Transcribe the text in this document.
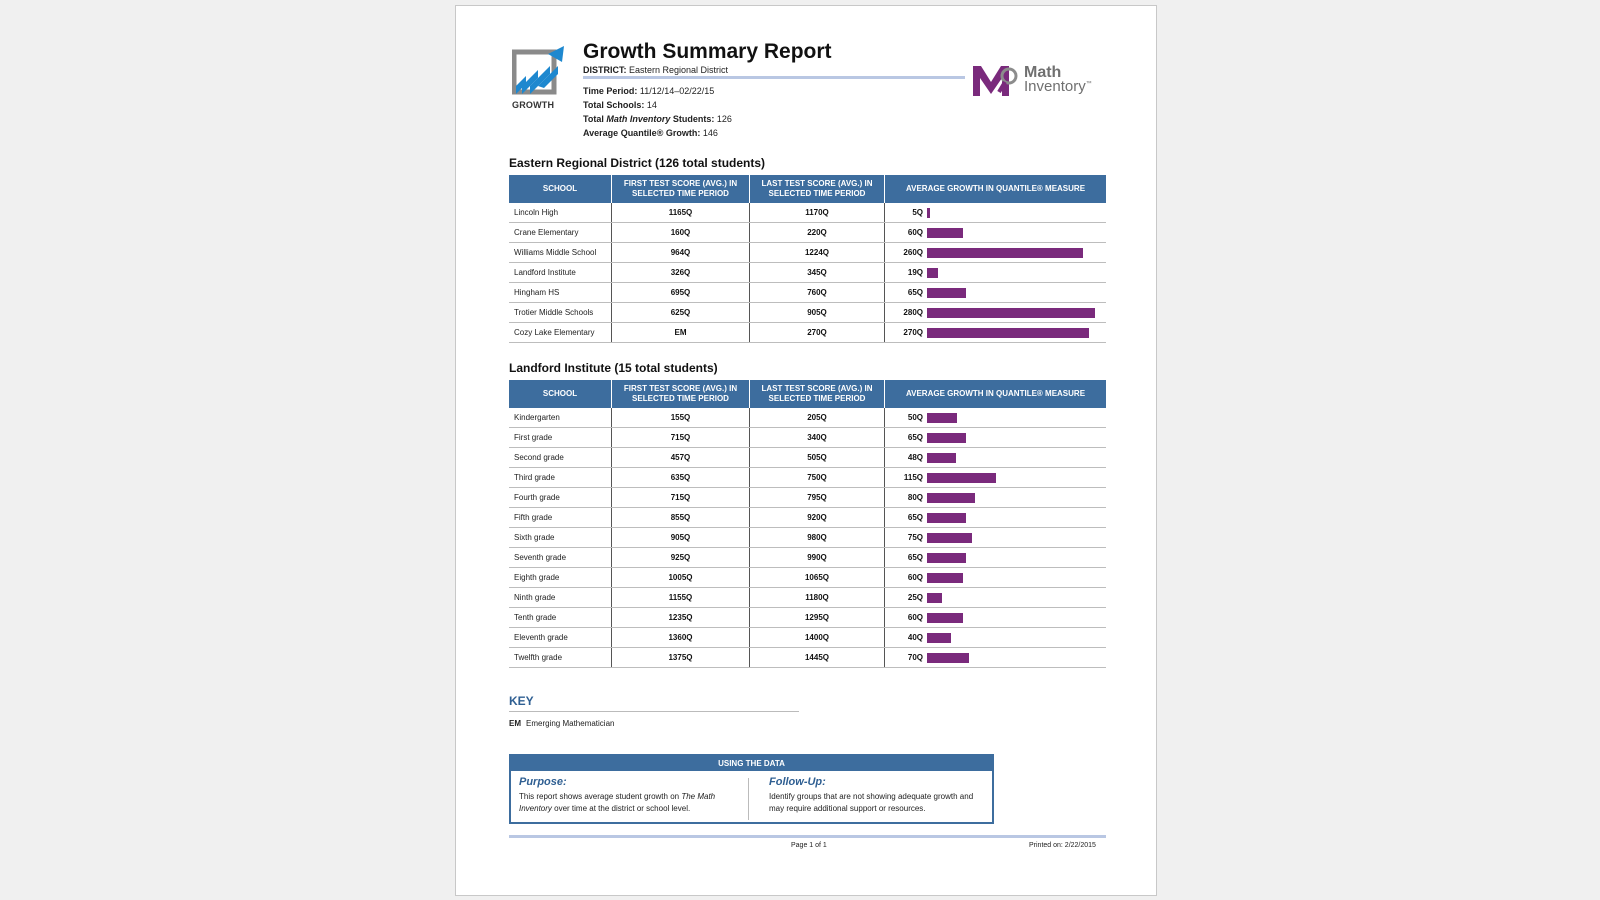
GROWTH
Growth Summary Report
DISTRICT: Eastern Regional District
Time Period: 11/12/14–02/22/15
Total Schools: 14
Total Math Inventory Students: 126
Average Quantile® Growth: 146
Math
Inventory™
Eastern Regional District (126 total students)
SCHOOL	FIRST TEST SCORE (AVG.) IN SELECTED TIME PERIOD	LAST TEST SCORE (AVG.) IN SELECTED TIME PERIOD	AVERAGE GROWTH IN QUANTILE® MEASURE
Lincoln High	1165Q	1170Q	5Q
Crane Elementary	160Q	220Q	60Q
Williams Middle School	964Q	1224Q	260Q
Landford Institute	326Q	345Q	19Q
Hingham HS	695Q	760Q	65Q
Trotier Middle Schools	625Q	905Q	280Q
Cozy Lake Elementary	EM	270Q	270Q
Landford Institute (15 total students)
SCHOOL	FIRST TEST SCORE (AVG.) IN SELECTED TIME PERIOD	LAST TEST SCORE (AVG.) IN SELECTED TIME PERIOD	AVERAGE GROWTH IN QUANTILE® MEASURE
Kindergarten	155Q	205Q	50Q
First grade	715Q	340Q	65Q
Second grade	457Q	505Q	48Q
Third grade	635Q	750Q	115Q
Fourth grade	715Q	795Q	80Q
Fifth grade	855Q	920Q	65Q
Sixth grade	905Q	980Q	75Q
Seventh grade	925Q	990Q	65Q
Eighth grade	1005Q	1065Q	60Q
Ninth grade	1155Q	1180Q	25Q
Tenth grade	1235Q	1295Q	60Q
Eleventh grade	1360Q	1400Q	40Q
Twelfth grade	1375Q	1445Q	70Q
KEY
EM Emerging Mathematician
USING THE DATA
Purpose:
This report shows average student growth on The Math Inventory over time at the district or school level.
Follow-Up:
Identify groups that are not showing adequate growth and may require additional support or resources.
Page 1 of 1	Printed on: 2/22/2015
